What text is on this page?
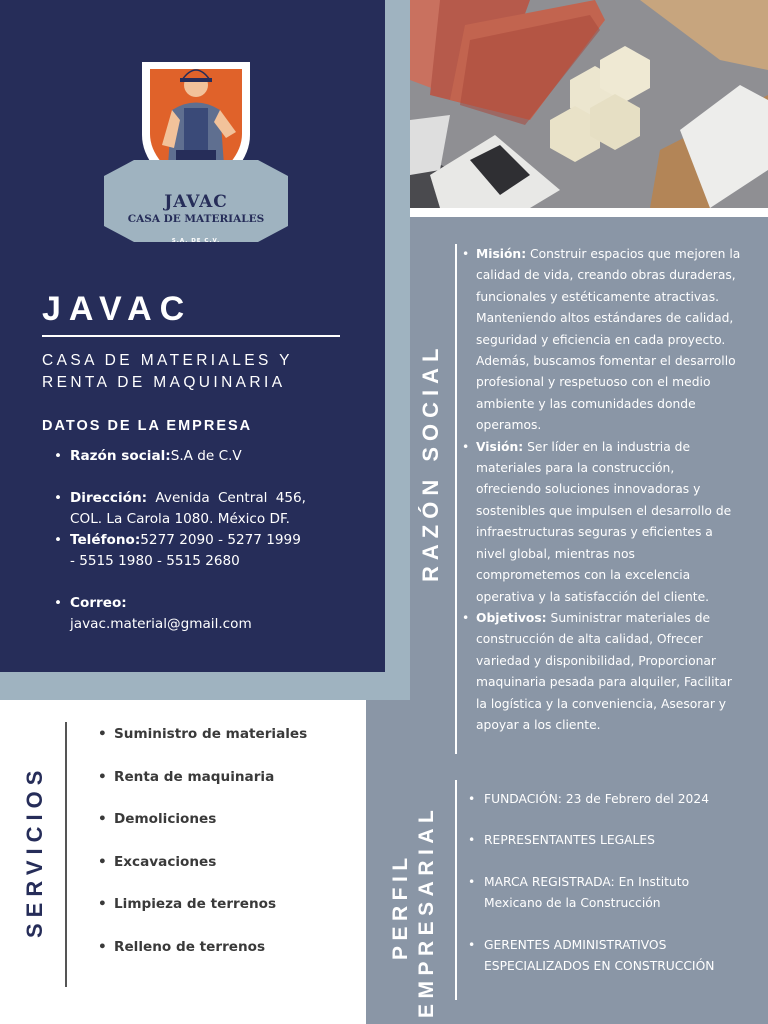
JAVAC
CASA DE MATERIALES
S.A. DE C.V.
JAVAC
CASA DE MATERIALES Y
RENTA DE MAQUINARIA
DATOS DE LA EMPRESA
• Razón social:S.A de C.V
• Dirección: Avenida Central 456, COL. La Carola 1080. México DF.
• Teléfono:5277 2090 - 5277 1999 - 5515 1980 - 5515 2680
• Correo: javac.material@gmail.com
SERVICIOS
• Suministro de materiales
• Renta de maquinaria
• Demoliciones
• Excavaciones
• Limpieza de terrenos
• Relleno de terrenos
RAZÓN SOCIAL
• Misión: Construir espacios que mejoren la calidad de vida, creando obras duraderas, funcionales y estéticamente atractivas. Manteniendo altos estándares de calidad, seguridad y eficiencia en cada proyecto. Además, buscamos fomentar el desarrollo profesional y respetuoso con el medio ambiente y las comunidades donde operamos.
• Visión: Ser líder en la industria de materiales para la construcción, ofreciendo soluciones innovadoras y sostenibles que impulsen el desarrollo de infraestructuras seguras y eficientes a nivel global, mientras nos comprometemos con la excelencia operativa y la satisfacción del cliente.
• Objetivos: Suministrar materiales de construcción de alta calidad, Ofrecer variedad y disponibilidad, Proporcionar maquinaria pesada para alquiler, Facilitar la logística y la conveniencia, Asesorar y apoyar a los cliente.
PERFIL EMPRESARIAL
• FUNDACIÓN: 23 de Febrero del 2024
• REPRESENTANTES LEGALES
• MARCA REGISTRADA: En Instituto Mexicano de la Construcción
• GERENTES ADMINISTRATIVOS ESPECIALIZADOS EN CONSTRUCCIÓN
